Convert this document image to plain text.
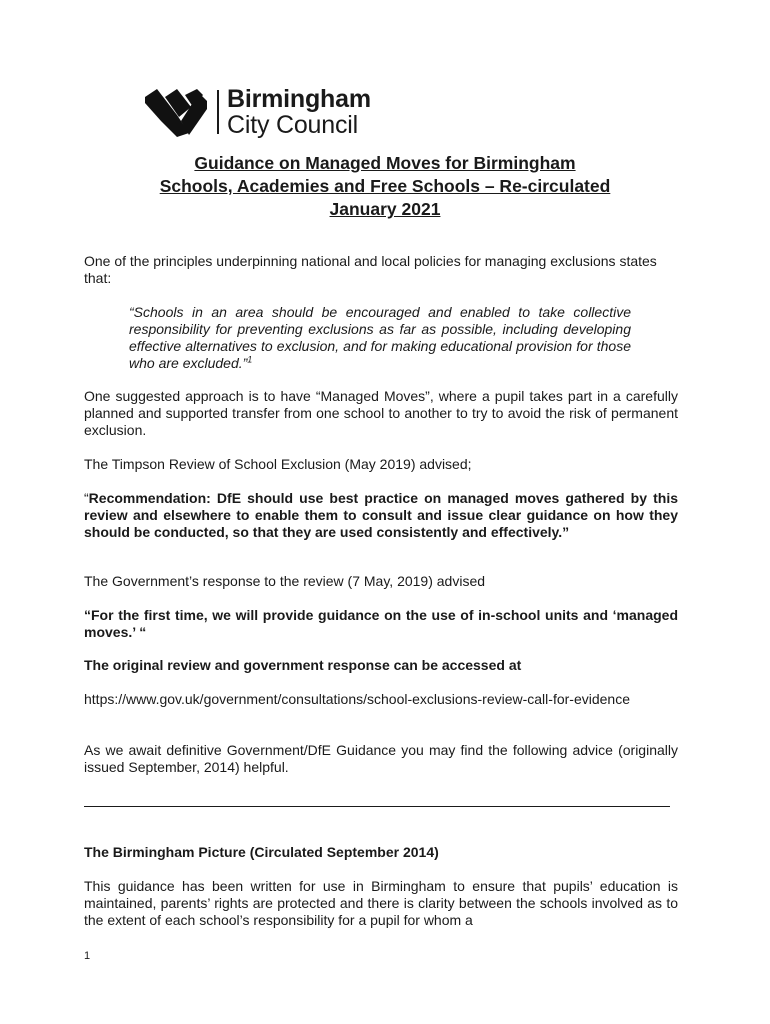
Birmingham
City Council
Guidance on Managed Moves for Birmingham
Schools, Academies and Free Schools – Re-circulated
January 2021

One of the principles underpinning national and local policies for managing exclusions states that:

“Schools in an area should be encouraged and enabled to take collective responsibility for preventing exclusions as far as possible, including developing effective alternatives to exclusion, and for making educational provision for those who are excluded.”$^1$

One suggested approach is to have “Managed Moves”, where a pupil takes part in a carefully planned and supported transfer from one school to another to try to avoid the risk of permanent exclusion.

The Timpson Review of School Exclusion (May 2019) advised;

“Recommendation: DfE should use best practice on managed moves gathered by this review and elsewhere to enable them to consult and issue clear guidance on how they should be conducted, so that they are used consistently and effectively.”

The Government’s response to the review (7 May, 2019) advised

“For the first time, we will provide guidance on the use of in-school units and ‘managed moves.’ “

The original review and government response can be accessed at

https://www.gov.uk/government/consultations/school-exclusions-review-call-for-evidence

As we await definitive Government/DfE Guidance you may find the following advice (originally issued September, 2014) helpful.

The Birmingham Picture (Circulated September 2014)

This guidance has been written for use in Birmingham to ensure that pupils’ education is maintained, parents’ rights are protected and there is clarity between the schools involved as to the extent of each school’s responsibility for a pupil for whom a

1
